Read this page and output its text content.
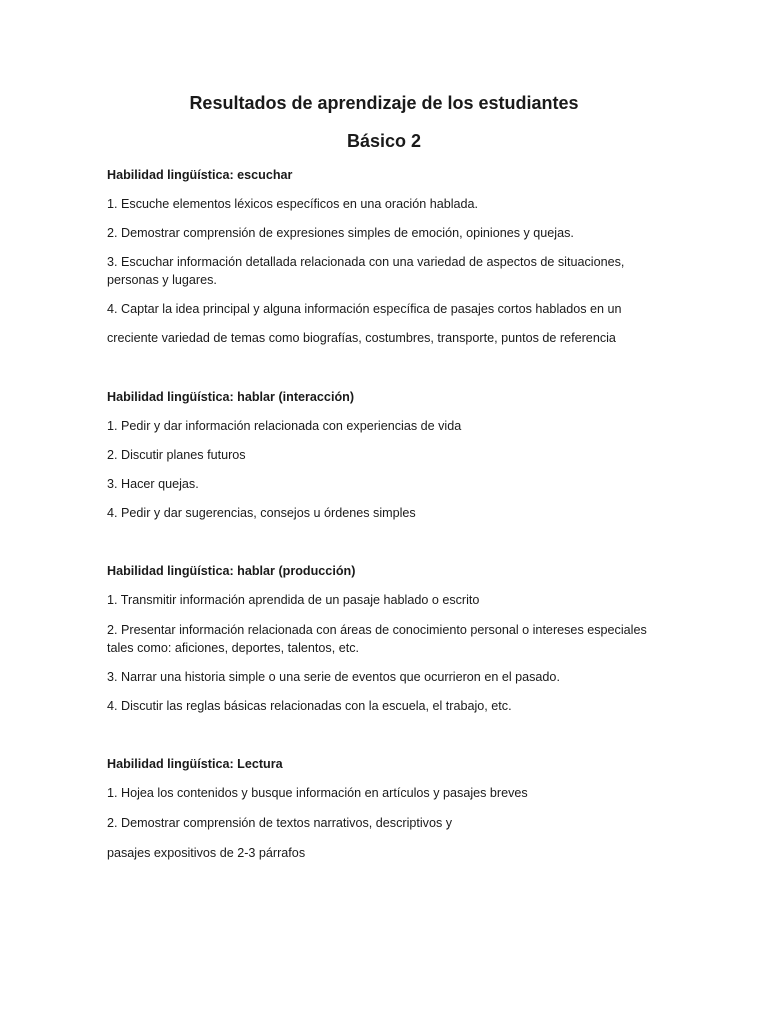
Resultados de aprendizaje de los estudiantes
Básico 2
Habilidad lingüística: escuchar
1. Escuche elementos léxicos específicos en una oración hablada.
2. Demostrar comprensión de expresiones simples de emoción, opiniones y quejas.
3. Escuchar información detallada relacionada con una variedad de aspectos de situaciones,
personas y lugares.
4. Captar la idea principal y alguna información específica de pasajes cortos hablados en un
creciente variedad de temas como biografías, costumbres, transporte, puntos de referencia
Habilidad lingüística: hablar (interacción)
1. Pedir y dar información relacionada con experiencias de vida
2. Discutir planes futuros
3. Hacer quejas.
4. Pedir y dar sugerencias, consejos u órdenes simples
Habilidad lingüística: hablar (producción)
1. Transmitir información aprendida de un pasaje hablado o escrito
2. Presentar información relacionada con áreas de conocimiento personal o intereses especiales
tales como: aficiones, deportes, talentos, etc.
3. Narrar una historia simple o una serie de eventos que ocurrieron en el pasado.
4. Discutir las reglas básicas relacionadas con la escuela, el trabajo, etc.
Habilidad lingüística: Lectura
1. Hojea los contenidos y busque información en artículos y pasajes breves
2. Demostrar comprensión de textos narrativos, descriptivos y
pasajes expositivos de 2-3 párrafos
